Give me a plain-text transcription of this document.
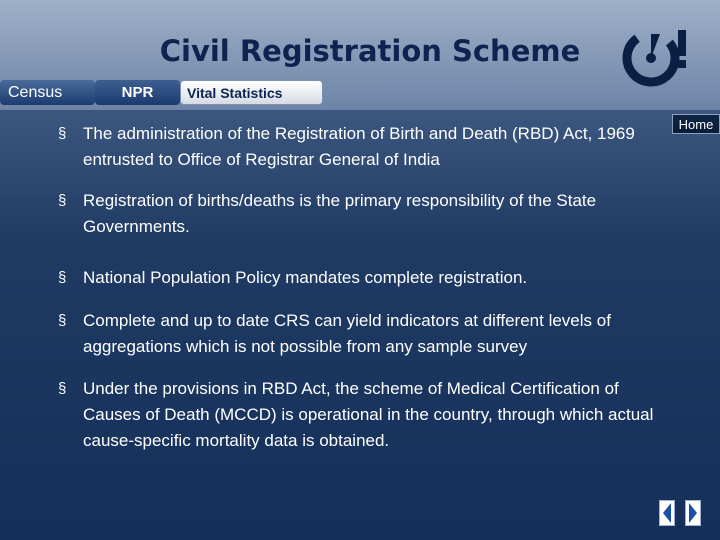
Civil Registration Scheme
Census	NPR	Vital Statistics
Home
§ The administration of the Registration of Birth and Death (RBD) Act, 1969 entrusted to Office of Registrar General of India
§ Registration of births/deaths is the primary responsibility of the State Governments.
§ National Population Policy mandates complete registration.
§ Complete and up to date CRS can yield indicators at different levels of aggregations which is not possible from any sample survey
§ Under the provisions in RBD Act, the scheme of Medical Certification of Causes of Death (MCCD) is operational in the country, through which actual cause-specific mortality data is obtained.
